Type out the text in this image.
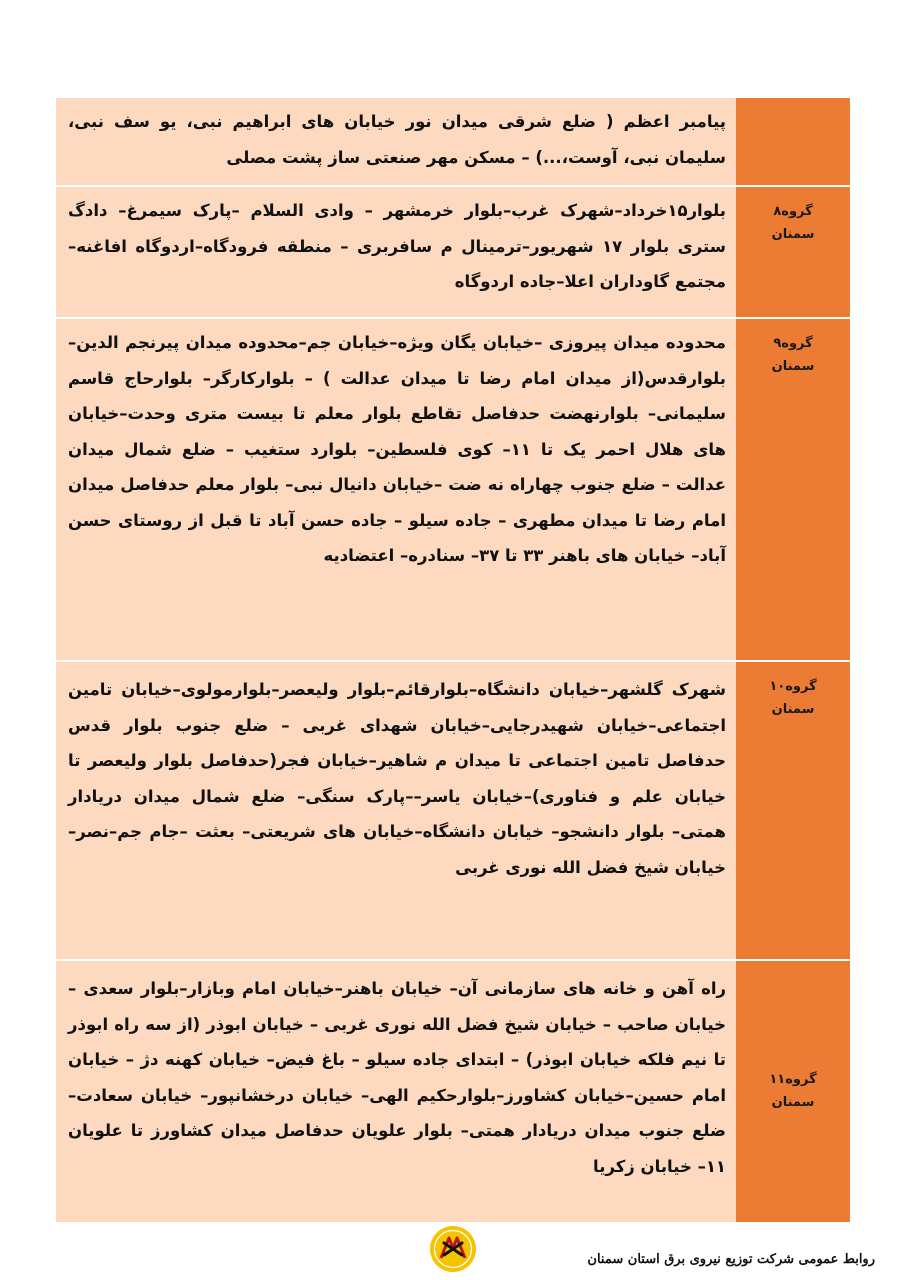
پیامبر اعظم ( ضلع شرقی میدان نور خیابان های ابراهیم نبی، یو سف نبی، سلیمان نبی، آوست،...) – مسکن مهر صنعتی ساز پشت مصلی
گروه۸
سمنان
بلوار۱۵خرداد–شهرک غرب–بلوار خرمشهر – وادی السلام –پارک سیمرغ– دادگ ستری بلوار ۱۷ شهریور–ترمینال م سافربری – منطقه فرودگاه–اردوگاه افاغنه–مجتمع گاوداران اعلا–جاده اردوگاه
گروه۹
سمنان
محدوده میدان پیروزی –خیابان یگان ویژه–خیابان جم–محدوده میدان پیرنجم الدین–بلوارقدس(از میدان امام رضا تا میدان عدالت ) – بلوارکارگر– بلوارحاج قاسم سلیمانی– بلوارنهضت حدفاصل تقاطع بلوار معلم تا بیست متری وحدت–خیابان های هلال احمر یک تا ۱۱– کوی فلسطین– بلوارد ستغیب – ضلع شمال میدان عدالت – ضلع جنوب چهاراه نه ضت –خیابان دانیال نبی– بلوار معلم حدفاصل میدان امام رضا تا میدان مطهری – جاده سیلو – جاده حسن آباد تا قبل از روستای حسن آباد– خیابان های باهنر ۳۳ تا ۳۷– سنادره– اعتضادیه
گروه۱۰
سمنان
شهرک گلشهر–خیابان دانشگاه–بلوارقائم–بلوار ولیعصر–بلوارمولوی–خیابان تامین اجتماعی–خیابان شهیدرجایی–خیابان شهدای غربی – ضلع جنوب بلوار قدس حدفاصل تامین اجتماعی تا میدان م شاهیر–خیابان فجر(حدفاصل بلوار ولیعصر تا خیابان علم و فناوری)–خیابان یاسر––پارک سنگی– ضلع شمال میدان دریادار همتی– بلوار دانشجو– خیابان دانشگاه–خیابان های شریعتی– بعثت –جام جم–نصر–خیابان شیخ فضل الله نوری غربی
گروه۱۱
سمنان
راه آهن و خانه های سازمانی آن– خیابان باهنر–خیابان امام وبازار–بلوار سعدی – خیابان صاحب – خیابان شیخ فضل الله نوری غربی – خیابان ابوذر (از سه راه ابوذر تا نیم فلکه خیابان ابوذر) – ابتدای جاده سیلو – باغ فیض– خیابان کهنه دژ – خیابان امام حسین–خیابان کشاورز–بلوارحکیم الهی– خیابان درخشانپور– خیابان سعادت– ضلع جنوب میدان دریادار همتی– بلوار علویان حدفاصل میدان کشاورز تا علویان ۱۱– خیابان زکریا
روابط عمومی شرکت توزیع نیروی برق استان سمنان
